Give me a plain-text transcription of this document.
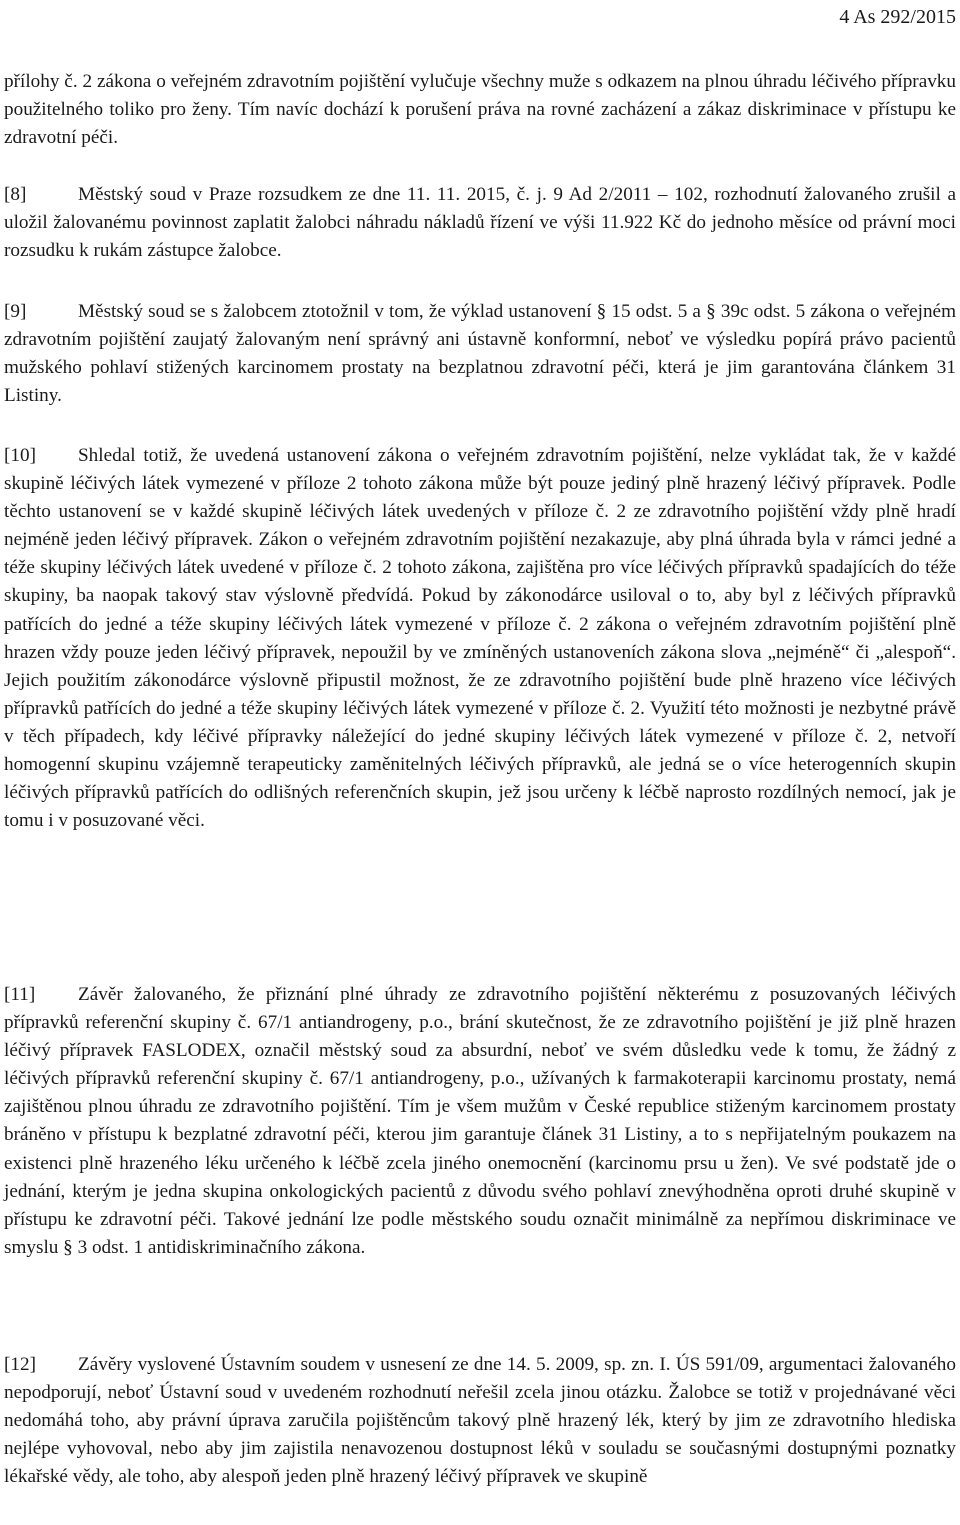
4 As 292/2015

přílohy č. 2 zákona o veřejném zdravotním pojištění vylučuje všechny muže s odkazem na plnou úhradu léčivého přípravku použitelného toliko pro ženy. Tím navíc dochází k porušení práva na rovné zacházení a zákaz diskriminace v přístupu ke zdravotní péči.

[8]	Městský soud v Praze rozsudkem ze dne 11. 11. 2015, č. j. 9 Ad 2/2011 – 102, rozhodnutí žalovaného zrušil a uložil žalovanému povinnost zaplatit žalobci náhradu nákladů řízení ve výši 11.922 Kč do jednoho měsíce od právní moci rozsudku k rukám zástupce žalobce.

[9]	Městský soud se s žalobcem ztotožnil v tom, že výklad ustanovení § 15 odst. 5 a § 39c odst. 5 zákona o veřejném zdravotním pojištění zaujatý žalovaným není správný ani ústavně konformní, neboť ve výsledku popírá právo pacientů mužského pohlaví stižených karcinomem prostaty na bezplatnou zdravotní péči, která je jim garantována článkem 31 Listiny.

[10] Shledal totiž, že uvedená ustanovení zákona o veřejném zdravotním pojištění, nelze vykládat tak, že v každé skupině léčivých látek vymezené v příloze 2 tohoto zákona může být pouze jediný plně hrazený léčivý přípravek. Podle těchto ustanovení se v každé skupině léčivých látek uvedených v příloze č. 2 ze zdravotního pojištění vždy plně hradí nejméně jeden léčivý přípravek. Zákon o veřejném zdravotním pojištění nezakazuje, aby plná úhrada byla v rámci jedné a téže skupiny léčivých látek uvedené v příloze č. 2 tohoto zákona, zajištěna pro více léčivých přípravků spadajících do téže skupiny, ba naopak takový stav výslovně předvídá. Pokud by zákonodárce usiloval o to, aby byl z léčivých přípravků patřících do jedné a téže skupiny léčivých látek vymezené v příloze č. 2 zákona o veřejném zdravotním pojištění plně hrazen vždy pouze jeden léčivý přípravek, nepoužil by ve zmíněných ustanoveních zákona slova „nejméně“ či „alespoň“. Jejich použitím zákonodárce výslovně připustil možnost, že ze zdravotního pojištění bude plně hrazeno více léčivých přípravků patřících do jedné a téže skupiny léčivých látek vymezené v příloze č. 2. Využití této možnosti je nezbytné právě v těch případech, kdy léčivé přípravky náležející do jedné skupiny léčivých látek vymezené v příloze č. 2, netvoří homogenní skupinu vzájemně terapeuticky zaměnitelných léčivých přípravků, ale jedná se o více heterogenních skupin léčivých přípravků patřících do odlišných referenčních skupin, jež jsou určeny k léčbě naprosto rozdílných nemocí, jak je tomu i v posuzované věci.

[11] Závěr žalovaného, že přiznání plné úhrady ze zdravotního pojištění některému z posuzovaných léčivých přípravků referenční skupiny č. 67/1 antiandrogeny, p.o., brání skutečnost, že ze zdravotního pojištění je již plně hrazen léčivý přípravek FASLODEX, označil městský soud za absurdní, neboť ve svém důsledku vede k tomu, že žádný z léčivých přípravků referenční skupiny č. 67/1 antiandrogeny, p.o., užívaných k farmakoterapii karcinomu prostaty, nemá zajištěnou plnou úhradu ze zdravotního pojištění. Tím je všem mužům v České republice stiženým karcinomem prostaty bráněno v přístupu k bezplatné zdravotní péči, kterou jim garantuje článek 31 Listiny, a to s nepřijatelným poukazem na existenci plně hrazeného léku určeného k léčbě zcela jiného onemocnění (karcinomu prsu u žen). Ve své podstatě jde o jednání, kterým je jedna skupina onkologických pacientů z důvodu svého pohlaví znevýhodněna oproti druhé skupině v přístupu ke zdravotní péči. Takové jednání lze podle městského soudu označit minimálně za nepřímou diskriminace ve smyslu § 3 odst. 1 antidiskriminačního zákona.

[12] Závěry vyslovené Ústavním soudem v usnesení ze dne 14. 5. 2009, sp. zn. I. ÚS 591/09, argumentaci žalovaného nepodporují, neboť Ústavní soud v uvedeném rozhodnutí neřešil zcela jinou otázku. Žalobce se totiž v projednávané věci nedomáhá toho, aby právní úprava zaručila pojištěncům takový plně hrazený lék, který by jim ze zdravotního hlediska nejlépe vyhovoval, nebo aby jim zajistila nenavozenou dostupnost léků v souladu se současnými dostupnými poznatky lékařské vědy, ale toho, aby alespoň jeden plně hrazený léčivý přípravek ve skupině
